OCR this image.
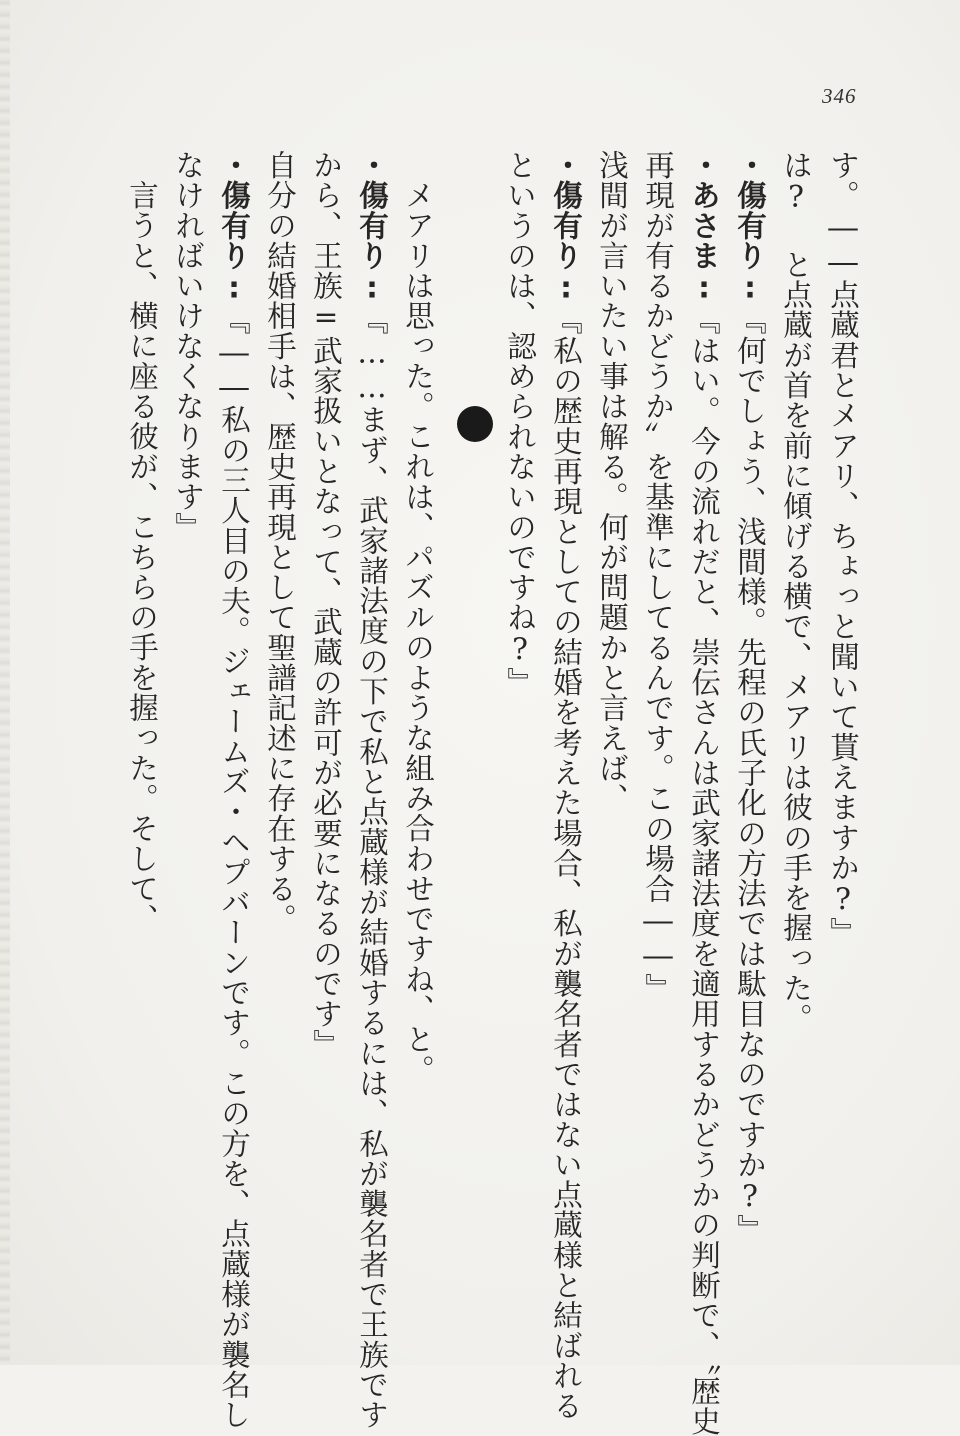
346
す。――点蔵君とメアリ、ちょっと聞いて貰えますか?』
は? と点蔵が首を前に傾げる横で、メアリは彼の手を握った。
・傷有り:『何でしょう、浅間様。先程の氏子化の方法では駄目なのですか?』
・あさま:『はい。今の流れだと、崇伝さんは武家諸法度を適用するかどうかの判断で、〝歴史
再現が有るかどうか〟を基準にしてるんです。この場合――』
浅間が言いたい事は解る。何が問題かと言えば、
・傷有り:『私の歴史再現としての結婚を考えた場合、私が襲名者ではない点蔵様と結ばれる
というのは、認められないのですね?』
メアリは思った。これは、パズルのような組み合わせですね、と。
・傷有り:『……まず、武家諸法度の下で私と点蔵様が結婚するには、私が襲名者で王族です
から、王族=武家扱いとなって、武蔵の許可が必要になるのです』
自分の結婚相手は、歴史再現として聖譜記述に存在する。
・傷有り:『――私の三人目の夫。ジェームズ・ヘプバーンです。この方を、点蔵様が襲名し
なければいけなくなります』
言うと、横に座る彼が、こちらの手を握った。そして、
